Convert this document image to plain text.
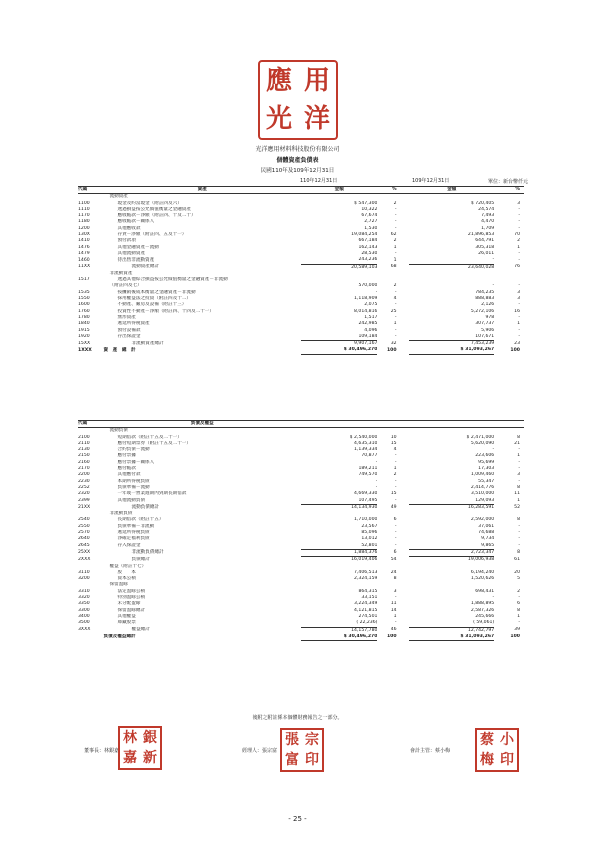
應 用
光 洋
光洋應用材料科技股份有限公司
個體資產負債表
民國110年及109年12月31日
單位：新台幣仟元
代碼	資產	金額	%		金額	%
	流動資產					
1100	現金及約當現金（附註四及六）	$ 547,300	2		$ 720,405	3
1110	透過損益按公允價值衡量之金融資產	10,322	-		24,574	-
1170	應收帳款－淨額（附註四、十及二十）	67,674	-		7,493	-
1180	應收帳款－關係人	2,727	-		4,470	-
1200	其他應收款	1,530	-		1,709	-
130X	存貨－淨額（附註四、五及十一）	19,084,254	62		21,896,853	70
1410	預付款項	667,184	2		644,791	2
1476	其他金融資產－流動	162,143	1		305,318	1
1479	其他流動資產	28,530	-		26,011	-
1460	待出售非流動資產	243,236	1		-	-
11XX	流動資產總計	20,589,103	68		23,640,028	76
	非流動資產					
1517	透過其他綜合損益按公允價值衡量之金融資產－非流動					
	（附註四及七）	570,000	2		-	-
1535	按攤銷後成本衡量之金融資產－非流動	-	-		784,235	3
1550	採用權益法之投資（附註四及十二）	1,118,909	4		888,883	3
1600	不動產、廠房及設備（附註十三）	2,075	-		2,126	-
1760	投資性不動產－淨額（附註四、十四及二十一）	8,014,816	25		5,272,106	16
1780	無形資產	1,517	-		978	-
1840	遞延所得稅資產	242,985	1		307,737	1
1915	預付設備款	4,096	-		5,906	-
1920	存出保證金	109,184	-		107,671	-
15XX	非流動資產總計	9,907,167	32		7,453,239	23
1XXX	資　產　總　計	$ 30,496,270	100		$ 31,093,267	100
110年12月31日	109年12月31日
代碼	負債及權益					
	流動負債					
2100	短期借款（附註十五及二十一）	$ 2,540,000	10		$ 2,471,000	8
2110	應付短期票券（附註十五及二十一）	4,635,310	15		5,620,090	21
2130	合約負債－流動	1,139,334	4		-	-
2150	應付票據	70,877	-		223,606	1
2160	應付票據－關係人	-	-		95,699	-
2170	應付帳款	189,211	1		17,303	-
2200	其他應付款	749,570	2		1,009,460	3
2230	本期所得稅負債	-	-		55,347	-
2252	負債準備－流動	-	-		2,414,776	8
2320	一年或一營業週期內到期長期借款	4,669,330	15		3,510,000	11
2399	其他流動負債	107,495	-		129,093	1
21XX	流動負債總計	14,134,930	49		16,283,591	52
	非流動負債					
2540	長期借款（附註十五）	1,710,000	6		2,592,000	8
2550	負債準備－非流動	23,567	-		37,061	-
2570	遞延所得稅負債	85,096	-		74,688	-
2640	淨確定福利負債	13,012	-		9,734	-
2645	存入保證金	52,801	-		9,865	-
25XX	非流動負債總計	1,884,376	6		2,723,347	8
2XXX	負債總計	16,019,406	54		19,006,938	61
	權益（附註十七）					
3110	股　　本	7,406,513	24		6,194,240	20
3200	資本公積	2,324,159	8		1,520,626	5
	保留盈餘					
3310	法定盈餘公積	864,315	3		698,431	2
3320	特別盈餘公積	33,151	-		-	-
3350	未分配盈餘	3,224,349	11		1,888,895	6
3300	保留盈餘總計	4,121,815	14		2,587,326	8
3400	其他權益	274,501	1		245,666	1
3500	庫藏股票	( 22,236)	-		( 59,061)	-
3XXX	權益總計	14,157,780	46		12,742,797	39
	負債及權益總計	$ 30,496,270	100		$ 31,093,267	100
後附之附註係本個體財務報告之一部分。
董事長：林銀嘉
林 銀
嘉 新	經理人：張宗富
張 宗
富 印
會計主管：蔡小梅
蔡 小
梅 印
- 25 -
